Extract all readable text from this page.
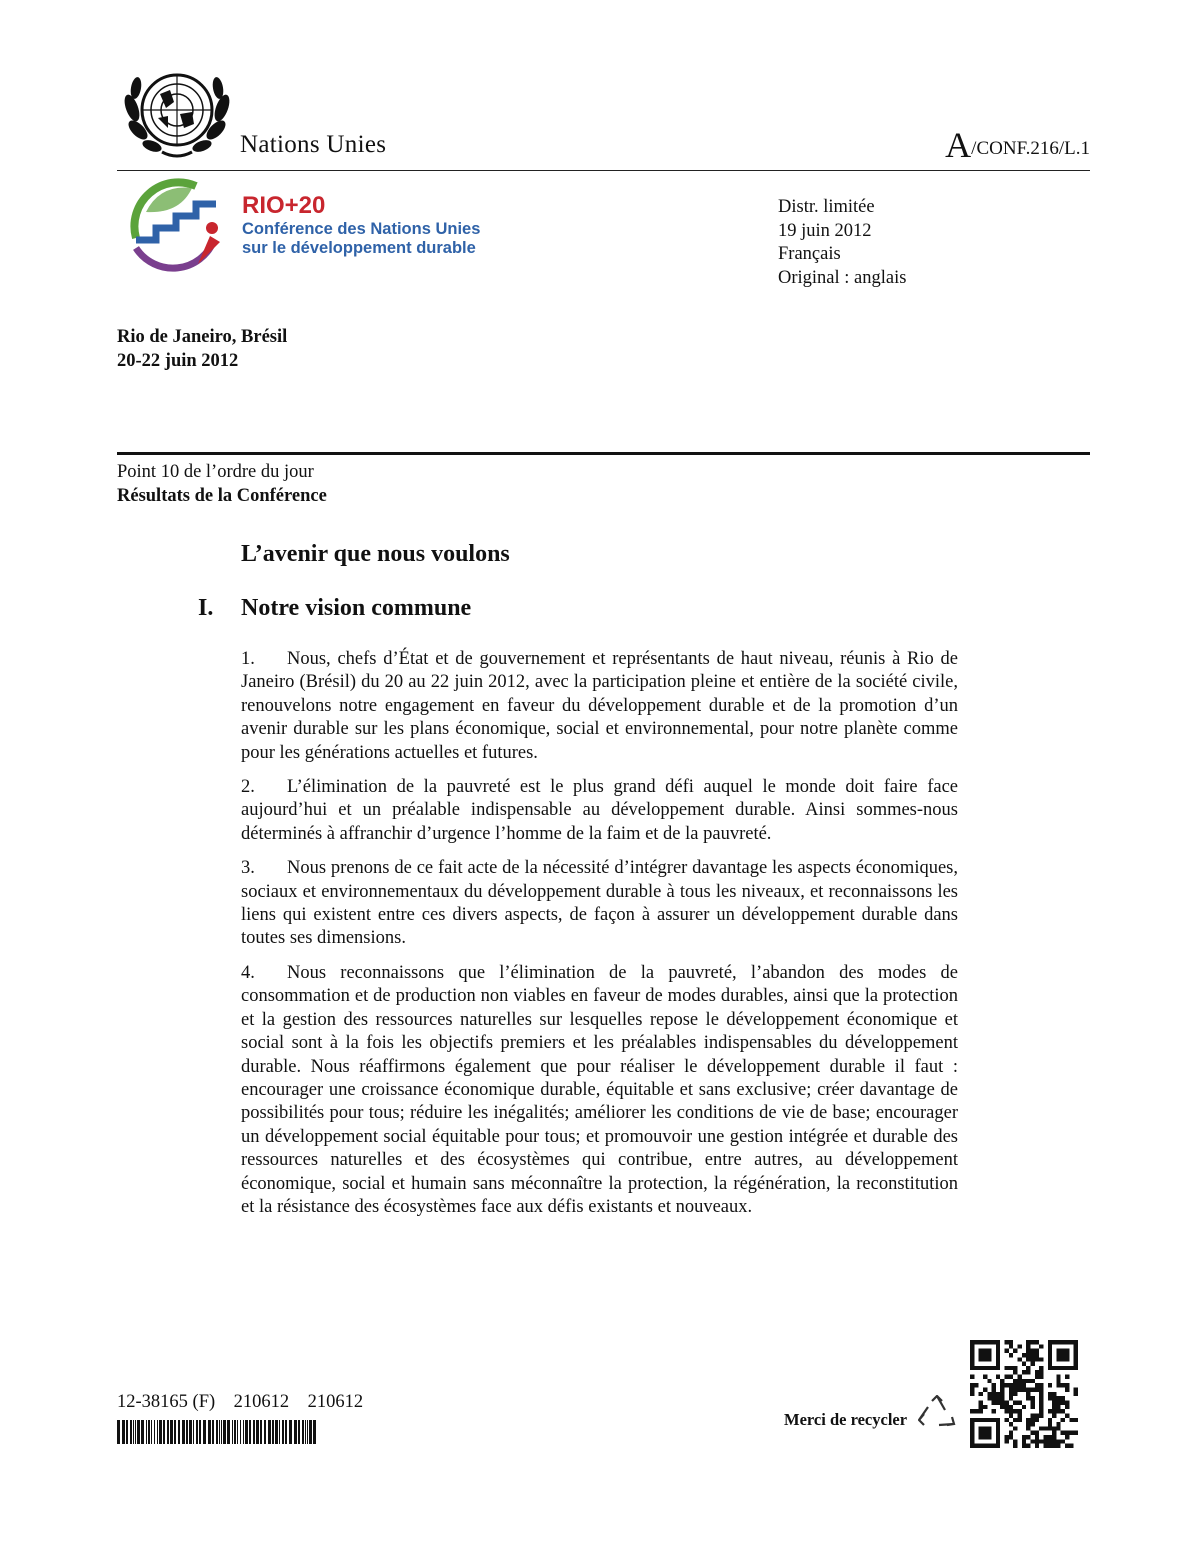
Nations Unies	A/CONF.216/L.1
RIO+20
Conférence des Nations Unies
sur le développement durable
Distr. limitée
19 juin 2012
Français
Original : anglais
Rio de Janeiro, Brésil
20-22 juin 2012
Point 10 de l’ordre du jour
Résultats de la Conférence
L’avenir que nous voulons
I. Notre vision commune

1. Nous, chefs d’État et de gouvernement et représentants de haut niveau, réunis à Rio de Janeiro (Brésil) du 20 au 22 juin 2012, avec la participation pleine et entière de la société civile, renouvelons notre engagement en faveur du développement durable et de la promotion d’un avenir durable sur les plans économique, social et environnemental, pour notre planète comme pour les générations actuelles et futures.

2. L’élimination de la pauvreté est le plus grand défi auquel le monde doit faire face aujourd’hui et un préalable indispensable au développement durable. Ainsi sommes-nous déterminés à affranchir d’urgence l’homme de la faim et de la pauvreté.

3. Nous prenons de ce fait acte de la nécessité d’intégrer davantage les aspects économiques, sociaux et environnementaux du développement durable à tous les niveaux, et reconnaissons les liens qui existent entre ces divers aspects, de façon à assurer un développement durable dans toutes ses dimensions.

4. Nous reconnaissons que l’élimination de la pauvreté, l’abandon des modes de consommation et de production non viables en faveur de modes durables, ainsi que la protection et la gestion des ressources naturelles sur lesquelles repose le développement économique et social sont à la fois les objectifs premiers et les préalables indispensables du développement durable. Nous réaffirmons également que pour réaliser le développement durable il faut : encourager une croissance économique durable, équitable et sans exclusive; créer davantage de possibilités pour tous; réduire les inégalités; améliorer les conditions de vie de base; encourager un développement social équitable pour tous; et promouvoir une gestion intégrée et durable des ressources naturelles et des écosystèmes qui contribue, entre autres, au développement économique, social et humain sans méconnaître la protection, la régénération, la reconstitution et la résistance des écosystèmes face aux défis existants et nouveaux.

12-38165 (F)    210612    210612
Merci de recycler
